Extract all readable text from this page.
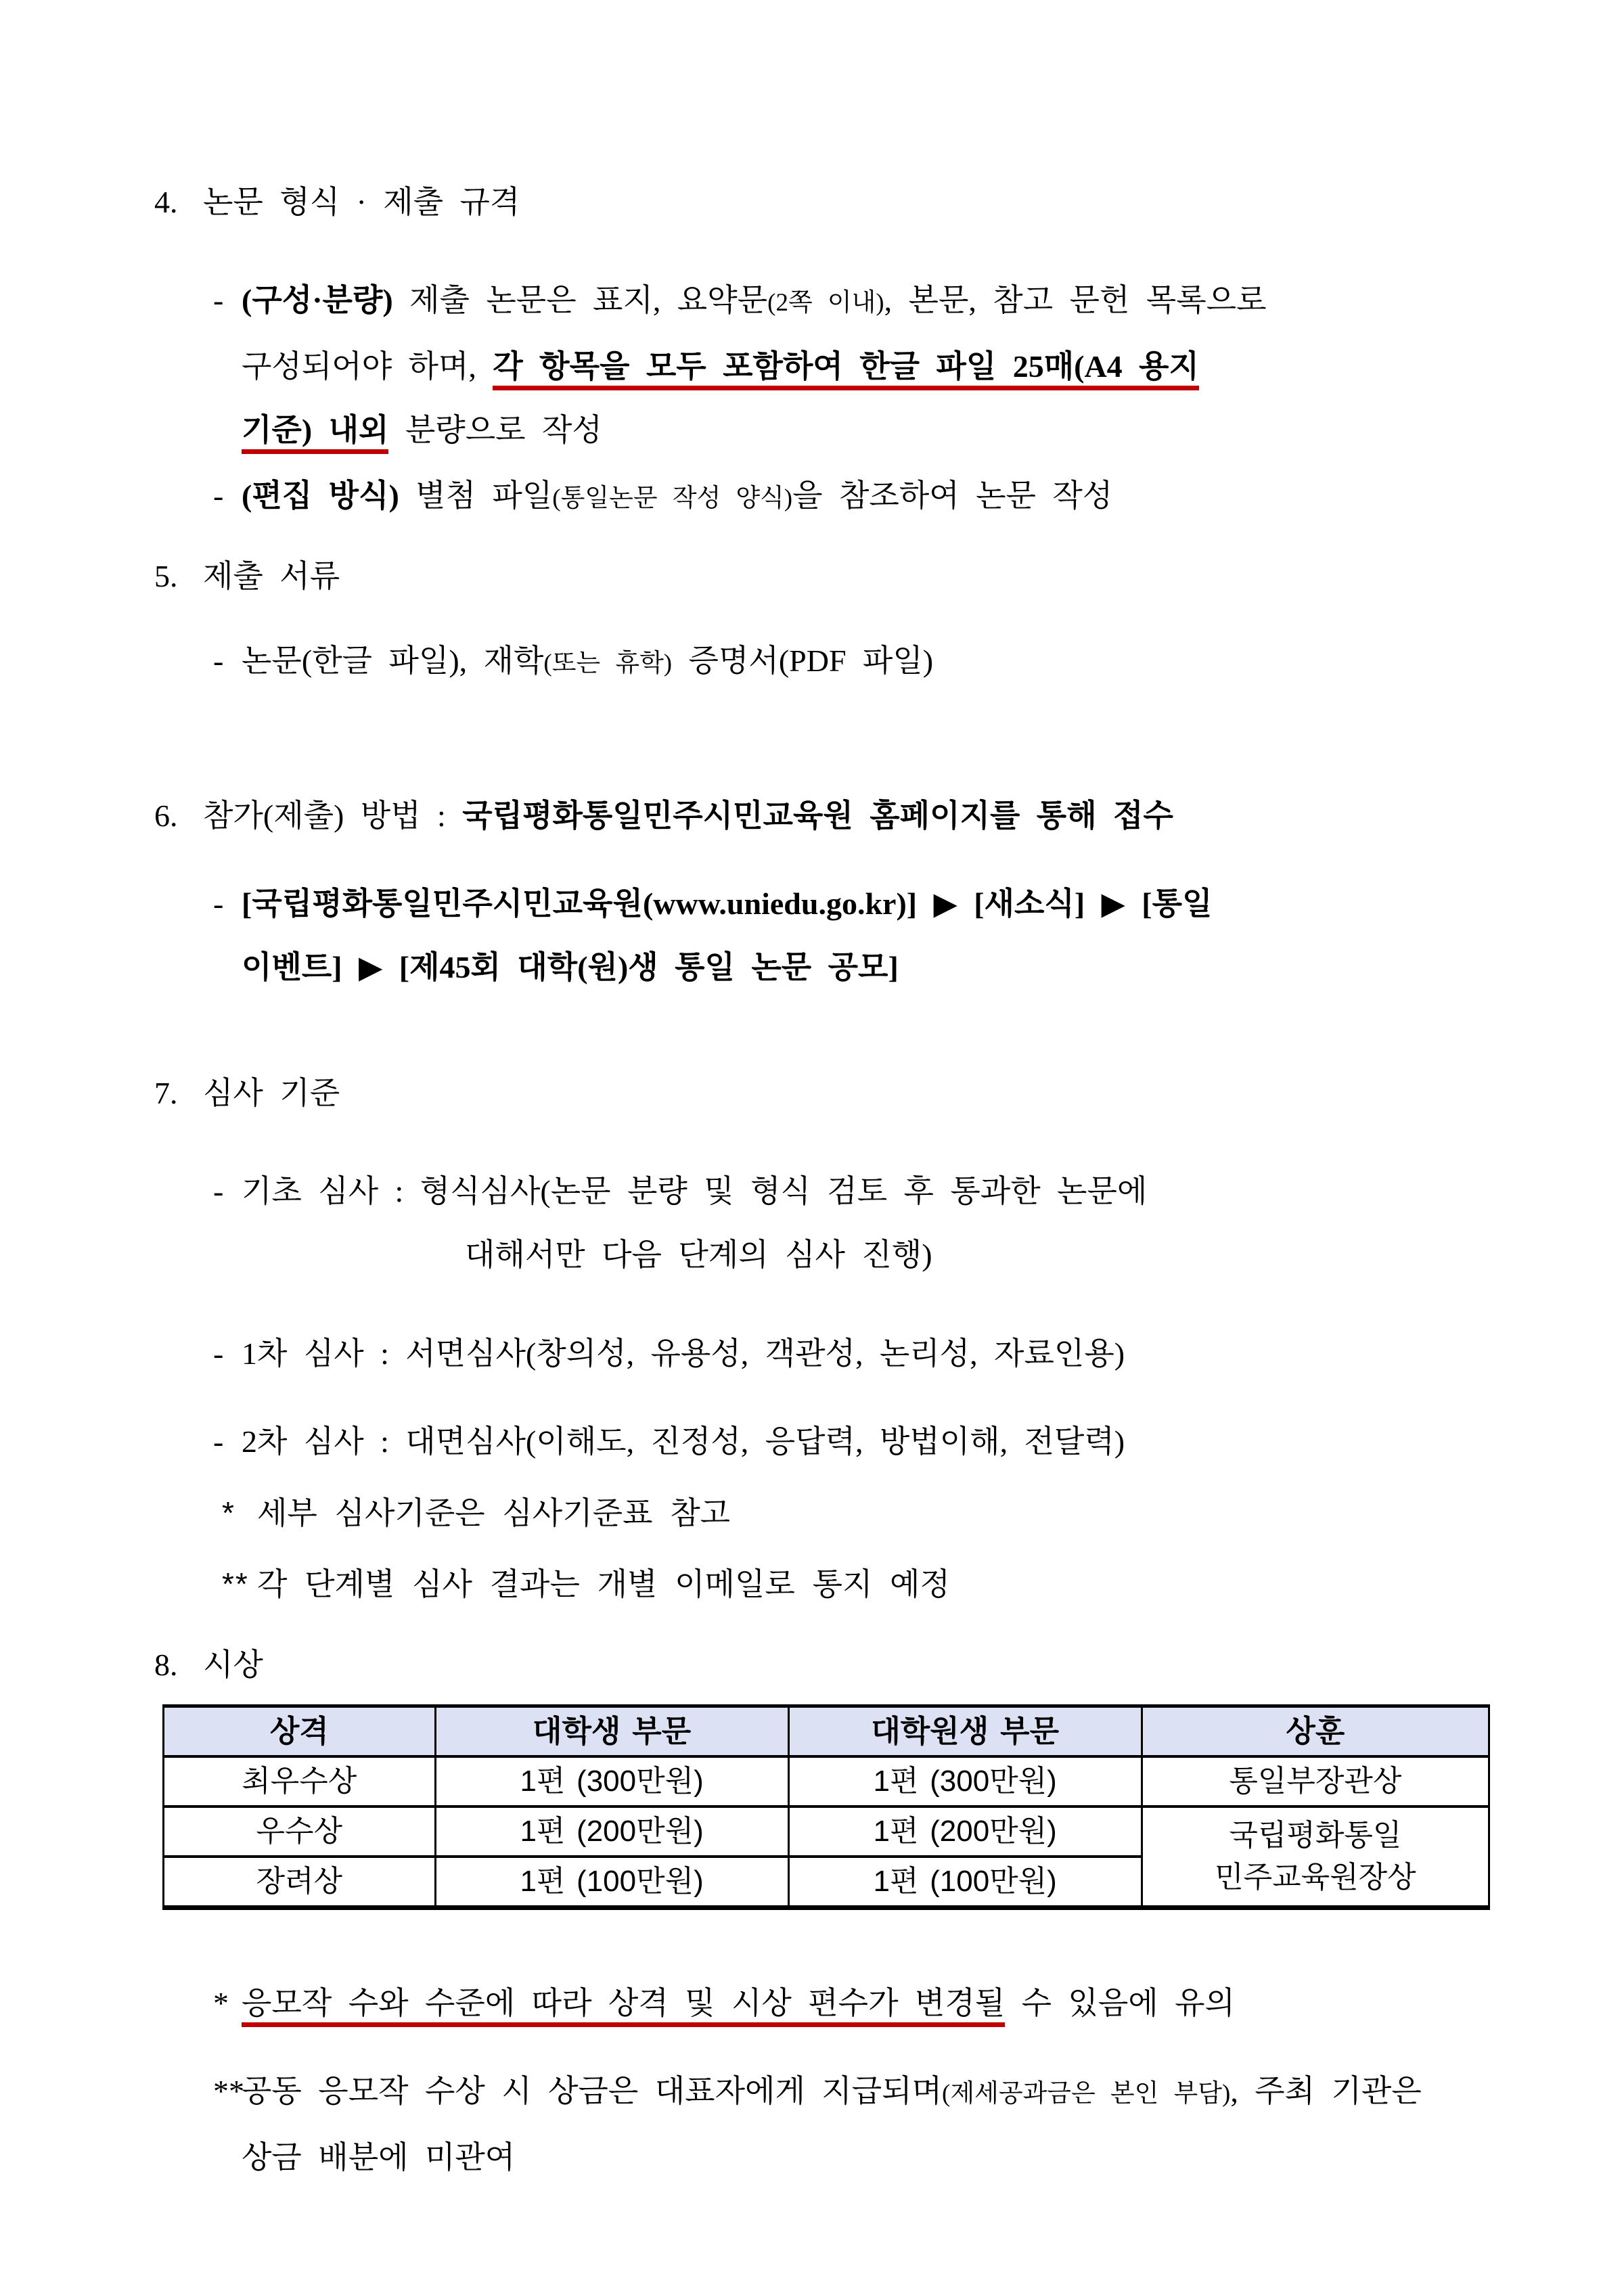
4. 논문 형식 · 제출 규격
- (구성·분량) 제출 논문은 표지, 요약문(2쪽 이내), 본문, 참고 문헌 목록으로
구성되어야 하며, 각 항목을 모두 포함하여 한글 파일 25매(A4 용지
기준) 내외 분량으로 작성
- (편집 방식) 별첨 파일(통일논문 작성 양식)을 참조하여 논문 작성
5. 제출 서류
- 논문(한글 파일), 재학(또는 휴학) 증명서(PDF 파일)
6. 참가(제출) 방법 : 국립평화통일민주시민교육원 홈페이지를 통해 접수
- [국립평화통일민주시민교육원(www.uniedu.go.kr)] ▶ [새소식] ▶ [통일
이벤트] ▶ [제45회 대학(원)생 통일 논문 공모]
7. 심사 기준
- 기초 심사 : 형식심사(논문 분량 및 형식 검토 후 통과한 논문에
대해서만 다음 단계의 심사 진행)
- 1차 심사 : 서면심사(창의성, 유용성, 객관성, 논리성, 자료인용)
- 2차 심사 : 대면심사(이해도, 진정성, 응답력, 방법이해, 전달력)
* 세부 심사기준은 심사기준표 참고
** 각 단계별 심사 결과는 개별 이메일로 통지 예정
8. 시상
상격	대학생 부문	대학원생 부문	상훈
최우수상	1편 (300만원)	1편 (300만원)	통일부장관상
우수상	1편 (200만원)	1편 (200만원)	국립평화통일
민주교육원장상
장려상	1편 (100만원)	1편 (100만원)	
* 응모작 수와 수준에 따라 상격 및 시상 편수가 변경될 수 있음에 유의
**
공동 응모작 수상 시 상금은 대표자에게 지급되며(제세공과금은 본인 부담), 주최 기관은
상금 배분에 미관여
